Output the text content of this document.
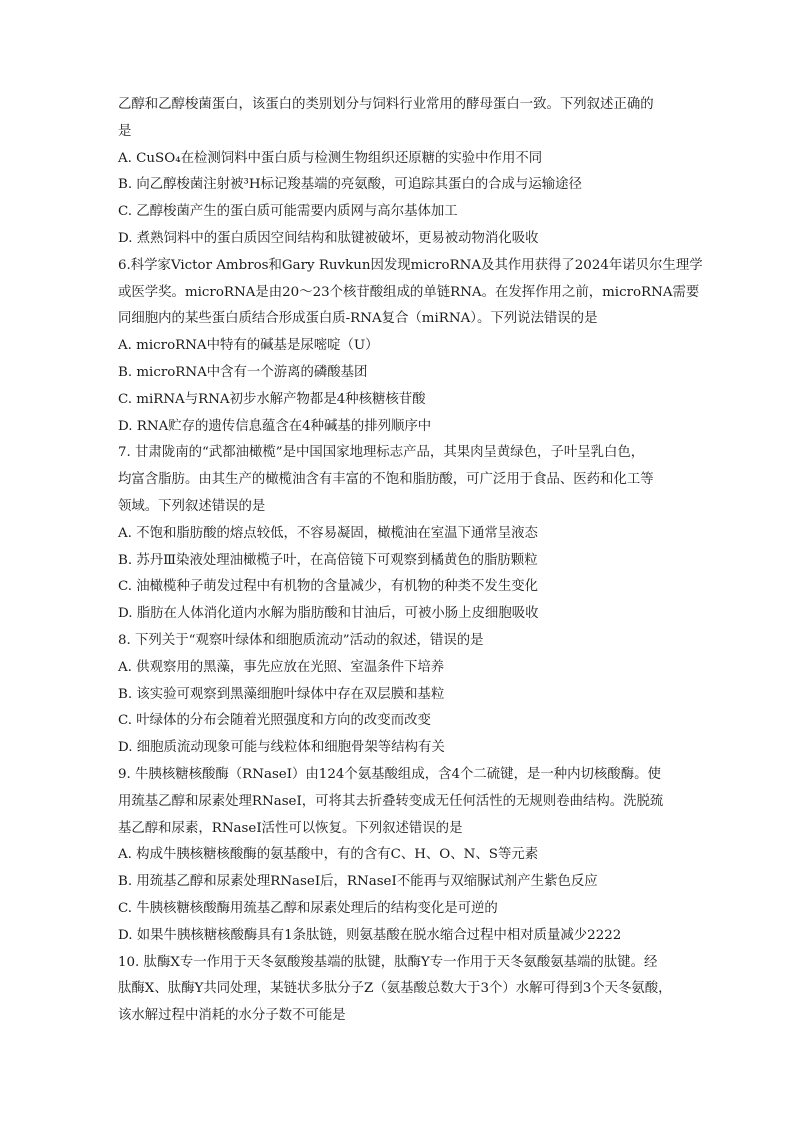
乙醇和乙醇梭菌蛋白，该蛋白的类别划分与饲料行业常用的酵母蛋白一致。下列叙述正确的
是
A. CuSO₄在检测饲料中蛋白质与检测生物组织还原糖的实验中作用不同
B. 向乙醇梭菌注射被³H标记羧基端的亮氨酸，可追踪其蛋白的合成与运输途径
C. 乙醇梭菌产生的蛋白质可能需要内质网与高尔基体加工
D. 煮熟饲料中的蛋白质因空间结构和肽键被破坏，更易被动物消化吸收
6.科学家Victor Ambros和Gary Ruvkun因发现microRNA及其作用获得了2024年诺贝尔生理学
或医学奖。microRNA是由20～23个核苷酸组成的单链RNA。在发挥作用之前，microRNA需要
同细胞内的某些蛋白质结合形成蛋白质-RNA复合（miRNA）。下列说法错误的是
A. microRNA中特有的碱基是尿嘧啶（U）
B. microRNA中含有一个游离的磷酸基团
C. miRNA与RNA初步水解产物都是4种核糖核苷酸
D. RNA贮存的遗传信息蕴含在4种碱基的排列顺序中
7. 甘肃陇南的“武都油橄榄”是中国国家地理标志产品，其果肉呈黄绿色，子叶呈乳白色，
均富含脂肪。由其生产的橄榄油含有丰富的不饱和脂肪酸，可广泛用于食品、医药和化工等
领域。下列叙述错误的是
A. 不饱和脂肪酸的熔点较低，不容易凝固，橄榄油在室温下通常呈液态
B. 苏丹Ⅲ染液处理油橄榄子叶，在高倍镜下可观察到橘黄色的脂肪颗粒
C. 油橄榄种子萌发过程中有机物的含量减少，有机物的种类不发生变化
D. 脂肪在人体消化道内水解为脂肪酸和甘油后，可被小肠上皮细胞吸收
8. 下列关于“观察叶绿体和细胞质流动”活动的叙述，错误的是
A. 供观察用的黑藻，事先应放在光照、室温条件下培养
B. 该实验可观察到黑藻细胞叶绿体中存在双层膜和基粒
C. 叶绿体的分布会随着光照强度和方向的改变而改变
D. 细胞质流动现象可能与线粒体和细胞骨架等结构有关
9. 牛胰核糖核酸酶（RNaseI）由124个氨基酸组成，含4个二硫键，是一种内切核酸酶。使
用巯基乙醇和尿素处理RNaseI，可将其去折叠转变成无任何活性的无规则卷曲结构。洗脱巯
基乙醇和尿素，RNaseI活性可以恢复。下列叙述错误的是
A. 构成牛胰核糖核酸酶的氨基酸中，有的含有C、H、O、N、S等元素
B. 用巯基乙醇和尿素处理RNaseI后，RNaseI不能再与双缩脲试剂产生紫色反应
C. 牛胰核糖核酸酶用巯基乙醇和尿素处理后的结构变化是可逆的
D. 如果牛胰核糖核酸酶具有1条肽链，则氨基酸在脱水缩合过程中相对质量减少2222
10. 肽酶X专一作用于天冬氨酸羧基端的肽键，肽酶Y专一作用于天冬氨酸氨基端的肽键。经
肽酶X、肽酶Y共同处理，某链状多肽分子Z（氨基酸总数大于3个）水解可得到3个天冬氨酸，
该水解过程中消耗的水分子数不可能是
